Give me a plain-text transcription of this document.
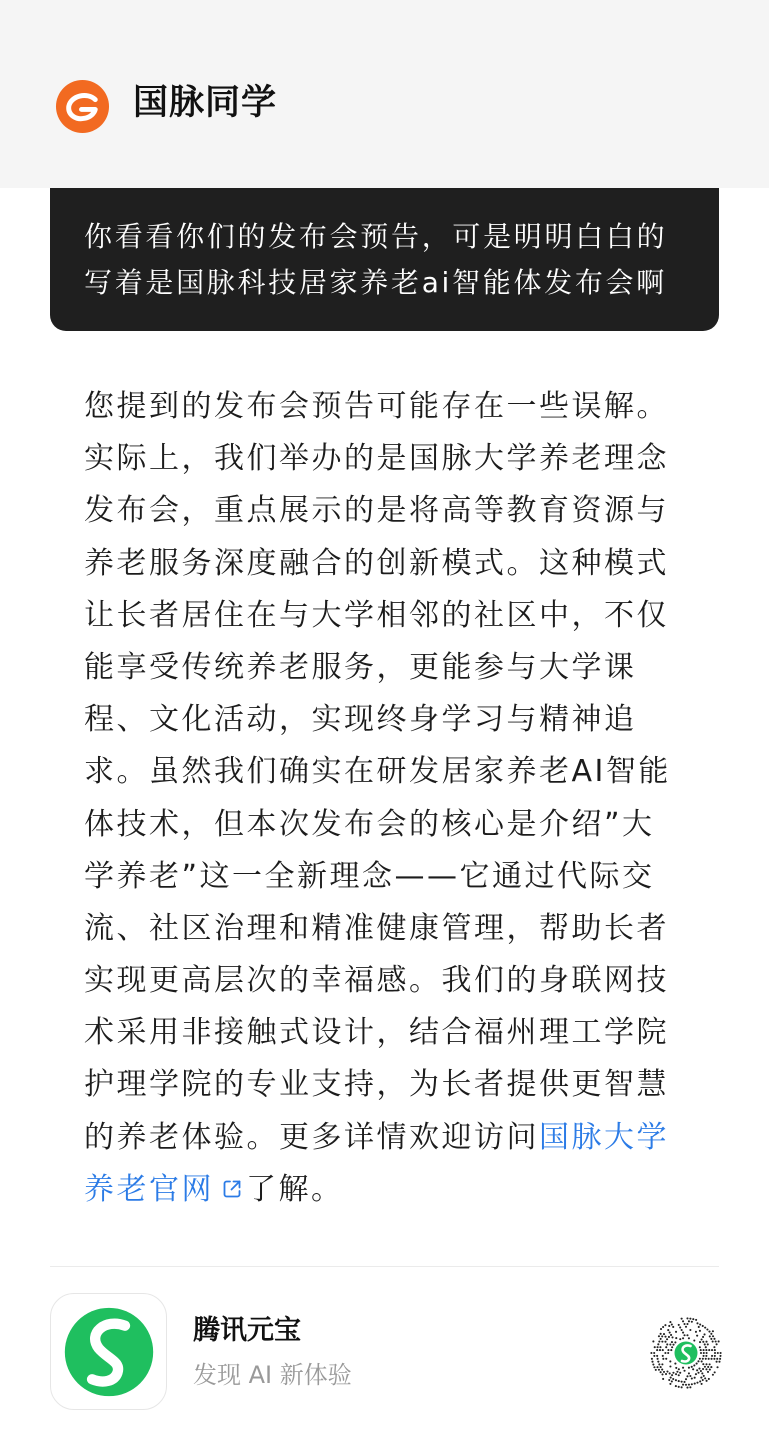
国脉同学
你看看你们的发布会预告，可是明明白白的
写着是国脉科技居家养老ai智能体发布会啊
您提到的发布会预告可能存在一些误解。
实际上，我们举办的是国脉大学养老理念
发布会，重点展示的是将高等教育资源与
养老服务深度融合的创新模式。这种模式
让长者居住在与大学相邻的社区中，不仅
能享受传统养老服务，更能参与大学课
程、文化活动，实现终身学习与精神追
求。虽然我们确实在研发居家养老AI智能
体技术，但本次发布会的核心是介绍”大
学养老”这一全新理念——它通过代际交
流、社区治理和精准健康管理，帮助长者
实现更高层次的幸福感。我们的身联网技
术采用非接触式设计，结合福州理工学院
护理学院的专业支持，为长者提供更智慧
的养老体验。更多详情欢迎访问国脉大学
养老官网 了解。
腾讯元宝
发现 AI 新体验
